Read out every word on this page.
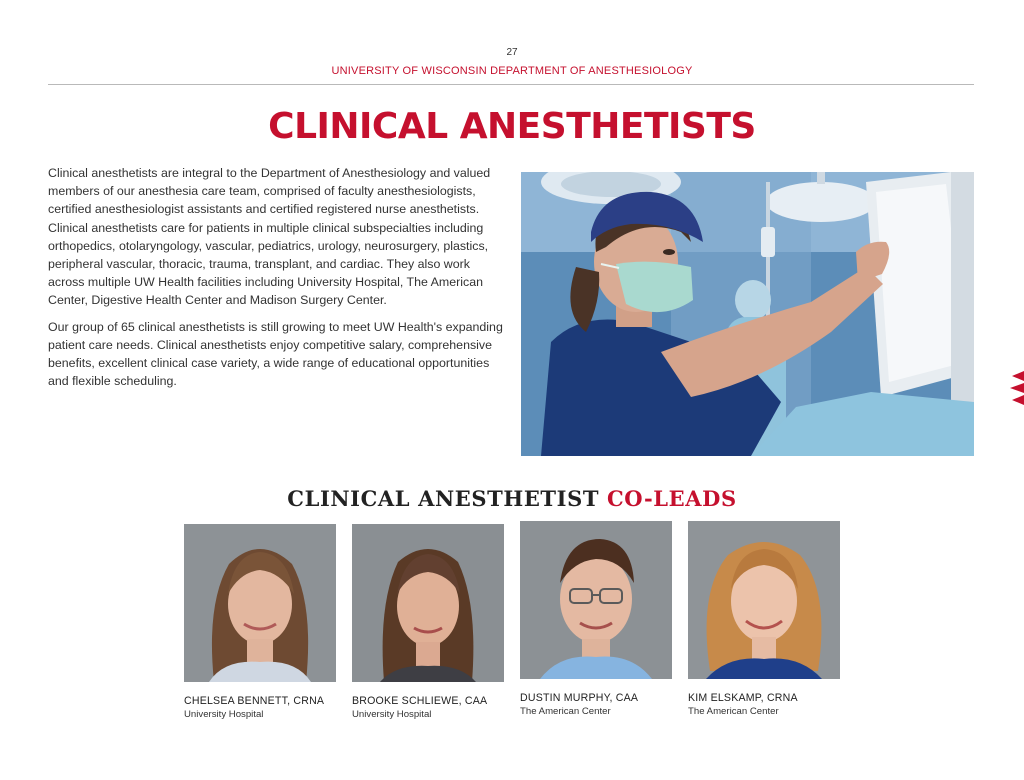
27
UNIVERSITY OF WISCONSIN DEPARTMENT OF ANESTHESIOLOGY
CLINICAL ANESTHETISTS

Clinical anesthetists are integral to the Department of Anesthesiology and valued members of our anesthesia care team, comprised of faculty anesthesiologists, certified anesthesiologist assistants and certified registered nurse anesthetists. Clinical anesthetists care for patients in multiple clinical subspecialties including orthopedics, otolaryngology, vascular, pediatrics, urology, neurosurgery, plastics, peripheral vascular, thoracic, trauma, transplant, and cardiac. They also work across multiple UW Health facilities including University Hospital, The American Center, Digestive Health Center and Madison Surgery Center.

Our group of 65 clinical anesthetists is still growing to meet UW Health's expanding patient care needs. Clinical anesthetists enjoy competitive salary, comprehensive benefits, excellent clinical case variety, a wide range of educational opportunities and flexible scheduling.

CLINICAL ANESTHETIST CO-LEADS
CHELSEA BENNETT, CRNA
University Hospital
BROOKE SCHLIEWE, CAA
University Hospital
DUSTIN MURPHY, CAA
The American Center
KIM ELSKAMP, CRNA
The American Center
